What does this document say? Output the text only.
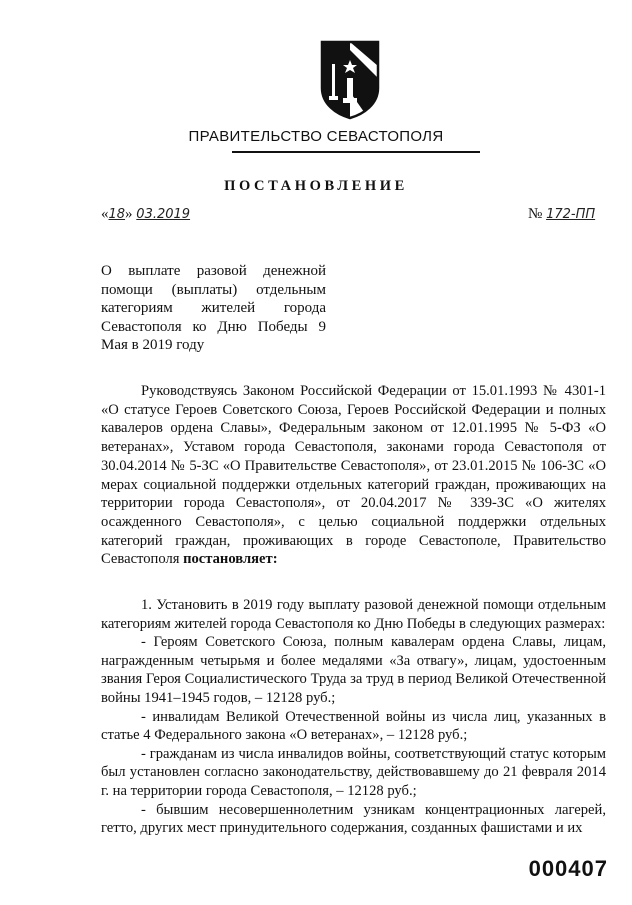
ПРАВИТЕЛЬСТВО СЕВАСТОПОЛЯ
ПОСТАНОВЛЕНИЕ
«18» 03.2019	№ 172-ПП
О выплате разовой денежной помощи (выплаты) отдельным категориям жителей города Севастополя ко Дню Победы 9 Мая в 2019 году
Руководствуясь Законом Российской Федерации от 15.01.1993 № 4301-1 «О статусе Героев Советского Союза, Героев Российской Федерации и полных кавалеров ордена Славы», Федеральным законом от 12.01.1995 № 5-ФЗ «О ветеранах», Уставом города Севастополя, законами города Севастополя от 30.04.2014 № 5-ЗС «О Правительстве Севастополя», от 23.01.2015 № 106-ЗС «О мерах социальной поддержки отдельных категорий граждан, проживающих на территории города Севастополя», от 20.04.2017 № 339-ЗС «О жителях осажденного Севастополя», с целью социальной поддержки отдельных категорий граждан, проживающих в городе Севастополе, Правительство Севастополя постановляет:

1. Установить в 2019 году выплату разовой денежной помощи отдельным категориям жителей города Севастополя ко Дню Победы в следующих размерах:

- Героям Советского Союза, полным кавалерам ордена Славы, лицам, награжденным четырьмя и более медалями «За отвагу», лицам, удостоенным звания Героя Социалистического Труда за труд в период Великой Отечественной войны 1941–1945 годов, – 12128 руб.;

- инвалидам Великой Отечественной войны из числа лиц, указанных в статье 4 Федерального закона «О ветеранах», – 12128 руб.;

- гражданам из числа инвалидов войны, соответствующий статус которым был установлен согласно законодательству, действовавшему до 21 февраля 2014 г. на территории города Севастополя, – 12128 руб.;

- бывшим несовершеннолетним узникам концентрационных лагерей, гетто, других мест принудительного содержания, созданных фашистами и их

000407
